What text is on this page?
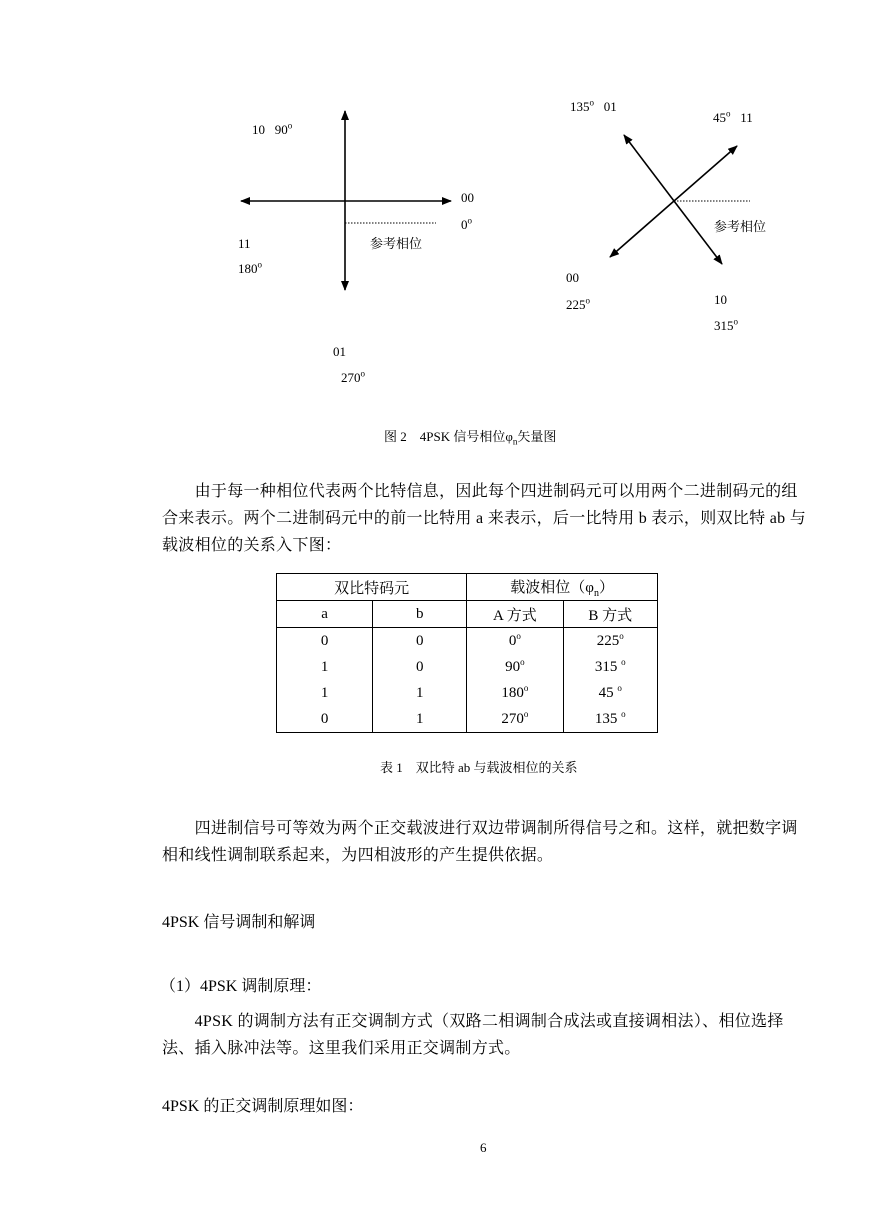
10 90$^o$
00
0$^o$
11	参考相位
180$^o$
01
270$^o$
135$^o$ 01
45$^o$ 11
参考相位
00
225$^o$	10
315$^o$
图 2　4PSK 信号相位$\varphi_n$矢量图
　　由于每一种相位代表两个比特信息，因此每个四进制码元可以用两个二进制码元的组合来表示。两个二进制码元中的前一比特用 a 来表示，后一比特用 b 表示，则双比特 ab 与载波相位的关系入下图：
双比特码元		载波相位$(\varphi_n)$	
a	b	A 方式	B 方式
0	0	0$^o$	225$^o$
1	0	90$^o$	315 $^o$
1	1	180$^o$	45 $^o$
0	1	270$^o$	135 $^o$
表 1　双比特 ab 与载波相位的关系
　　四进制信号可等效为两个正交载波进行双边带调制所得信号之和。这样，就把数字调相和线性调制联系起来，为四相波形的产生提供依据。
4PSK 信号调制和解调
（1）4PSK 调制原理：
　　4PSK 的调制方法有正交调制方式（双路二相调制合成法或直接调相法）、相位选择法、插入脉冲法等。这里我们采用正交调制方式。
4PSK 的正交调制原理如图：
6
